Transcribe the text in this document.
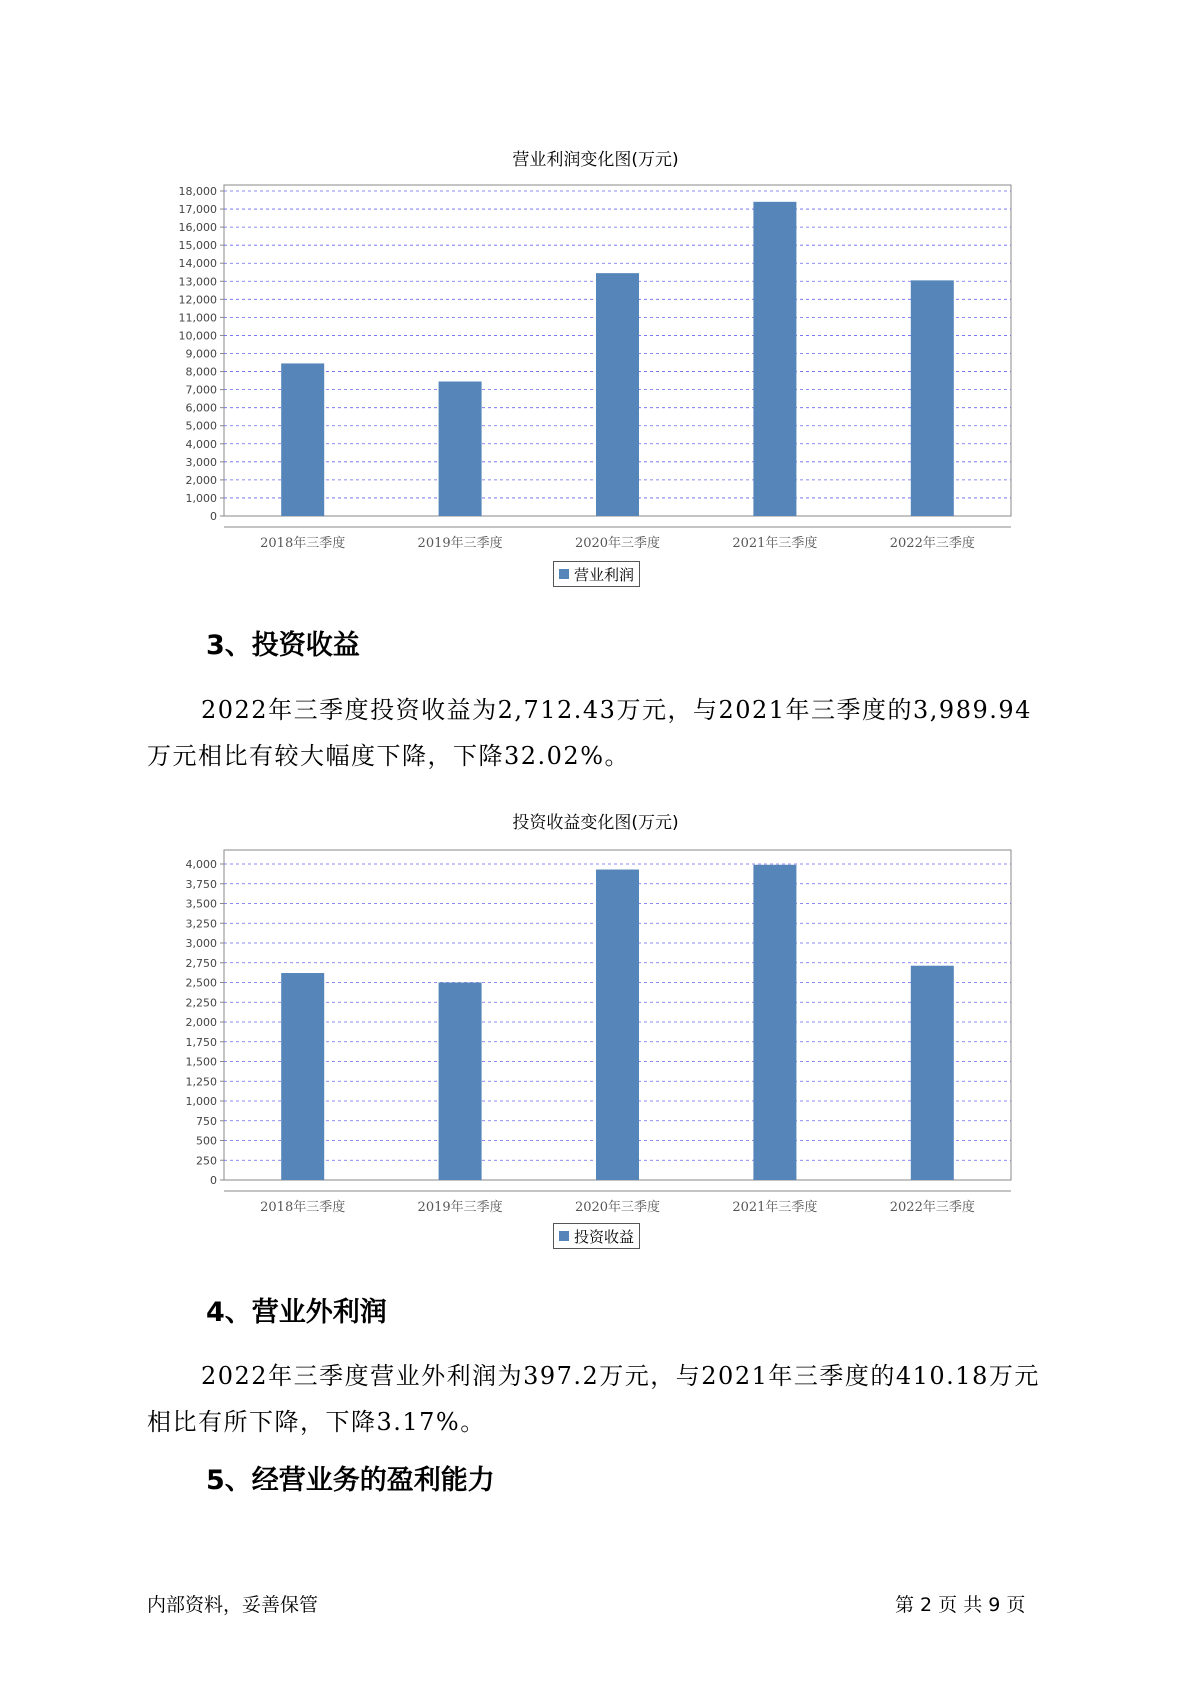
营业利润变化图(万元)
0
1,000
2,000
3,000
4,000
5,000
6,000
7,000
8,000
9,000
10,000
11,000
12,000
13,000
14,000
15,000
16,000
17,000
18,000
2018年三季度	2019年三季度	2020年三季度	2021年三季度	2022年三季度
营业利润
3、投资收益
2022年三季度投资收益为2,712.43万元，与2021年三季度的3,989.94
万元相比有较大幅度下降，下降32.02%。
投资收益变化图(万元)
0
250
500
750
1,000
1,250
1,500
1,750
2,000
2,250
2,500
2,750
3,000
3,250
3,500
3,750
4,000
2018年三季度	2019年三季度	2020年三季度	2021年三季度	2022年三季度
投资收益
4、营业外利润
2022年三季度营业外利润为397.2万元，与2021年三季度的410.18万元
相比有所下降，下降3.17%。
5、经营业务的盈利能力
内部资料，妥善保管	第 2 页 共 9 页
